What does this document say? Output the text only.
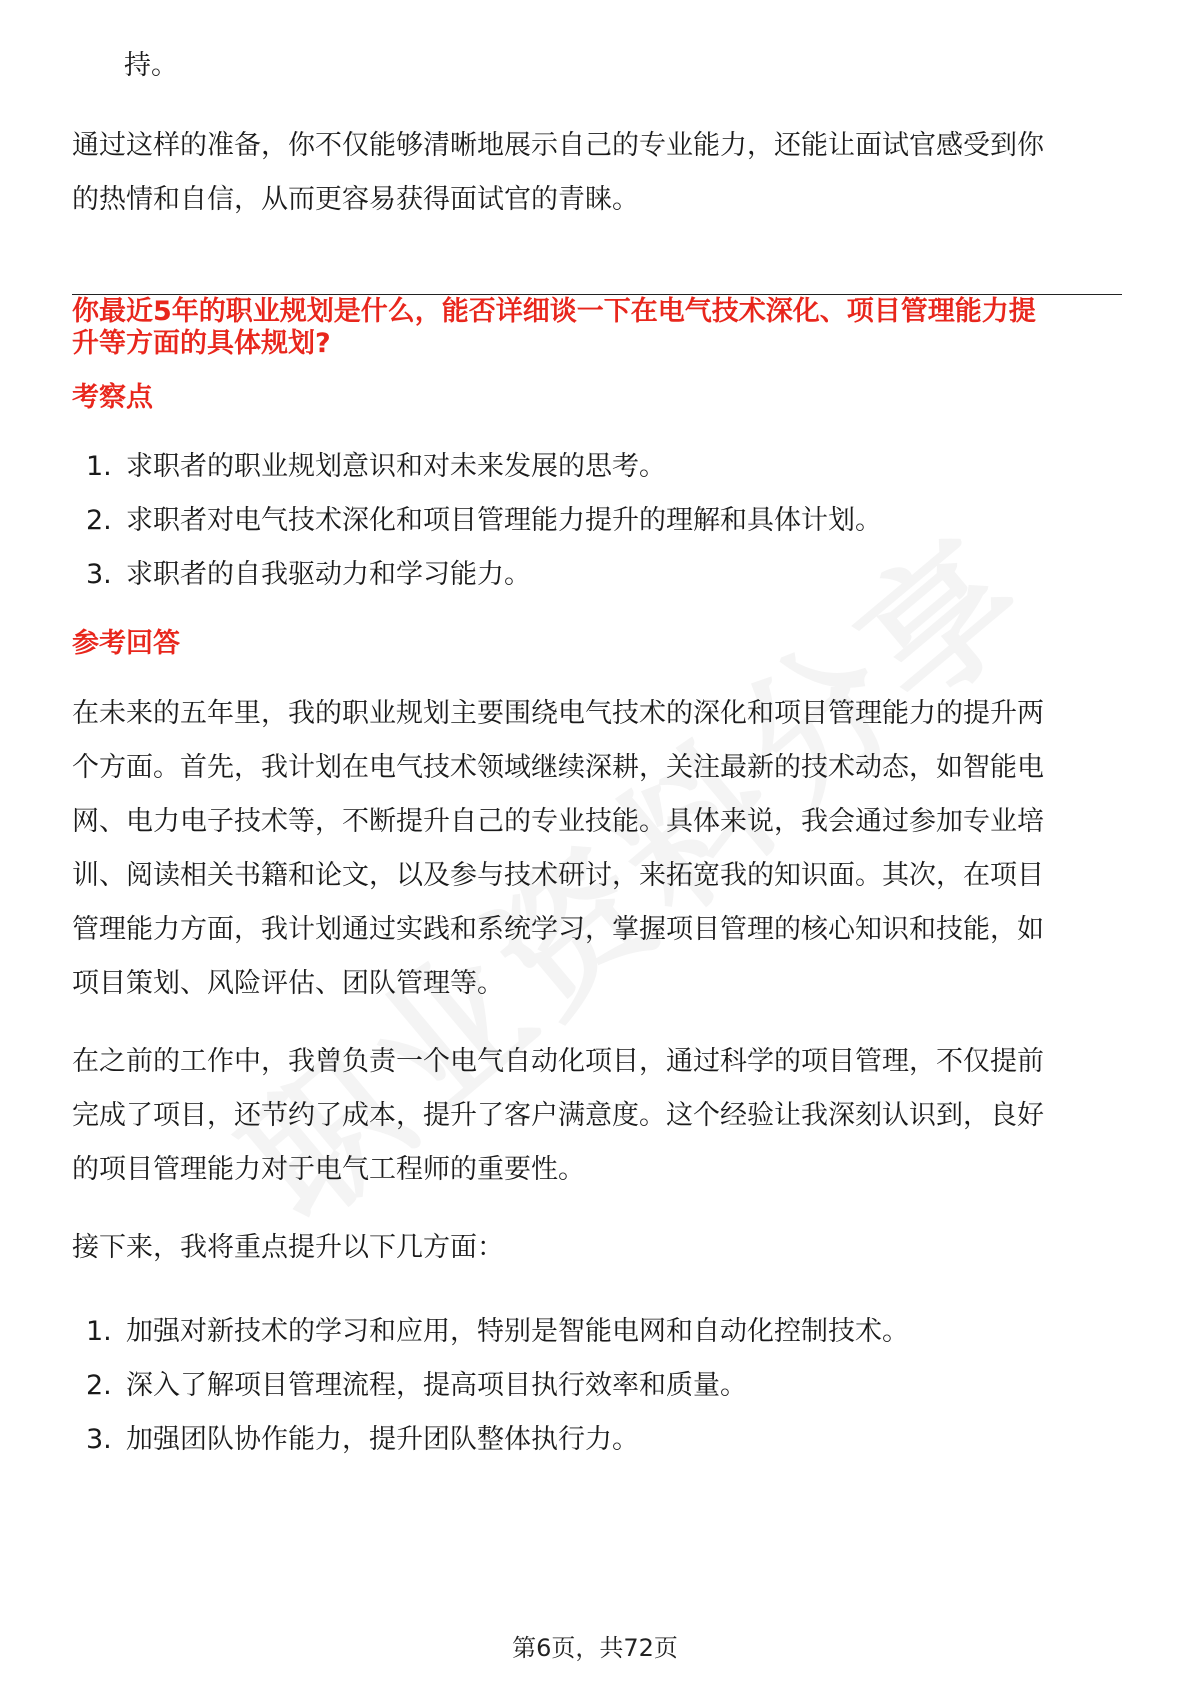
持。
通过这样的准备，你不仅能够清晰地展示自己的专业能力，还能让面试官感受到你
的热情和自信，从而更容易获得面试官的青睐。
你最近5年的职业规划是什么，能否详细谈一下在电气技术深化、项目管理能力提
升等方面的具体规划?
考察点
1. 求职者的职业规划意识和对未来发展的思考。
2. 求职者对电气技术深化和项目管理能力提升的理解和具体计划。
3. 求职者的自我驱动力和学习能力。
参考回答
在未来的五年里，我的职业规划主要围绕电气技术的深化和项目管理能力的提升两
个方面。首先，我计划在电气技术领域继续深耕，关注最新的技术动态，如智能电
网、电力电子技术等，不断提升自己的专业技能。具体来说，我会通过参加专业培
训、阅读相关书籍和论文，以及参与技术研讨，来拓宽我的知识面。其次，在项目
管理能力方面，我计划通过实践和系统学习，掌握项目管理的核心知识和技能，如
项目策划、风险评估、团队管理等。
在之前的工作中，我曾负责一个电气自动化项目，通过科学的项目管理，不仅提前
完成了项目，还节约了成本，提升了客户满意度。这个经验让我深刻认识到，良好
的项目管理能力对于电气工程师的重要性。
接下来，我将重点提升以下几方面：
1. 加强对新技术的学习和应用，特别是智能电网和自动化控制技术。
2. 深入了解项目管理流程，提高项目执行效率和质量。
3. 加强团队协作能力，提升团队整体执行力。
第6页，共72页
